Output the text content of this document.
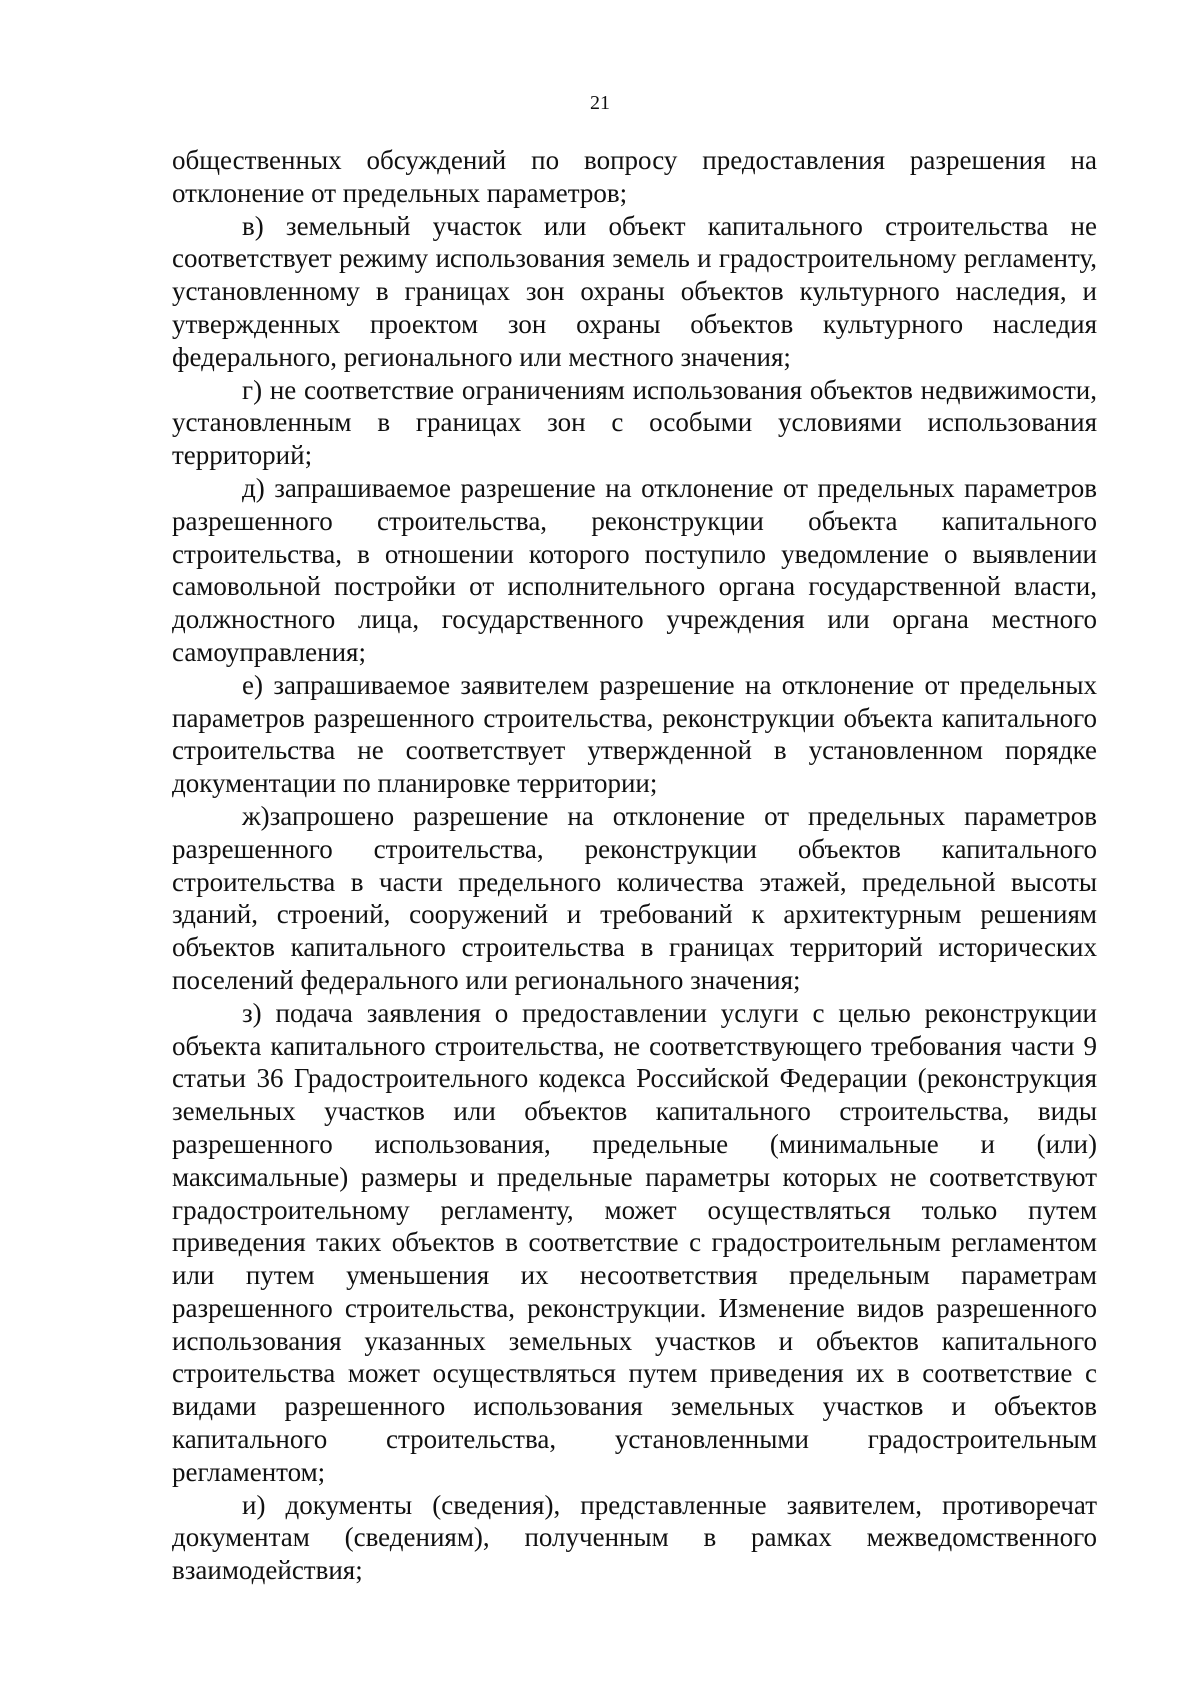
21

общественных обсуждений по вопросу предоставления разрешения на отклонение от предельных параметров;

в) земельный участок или объект капитального строительства не соответствует режиму использования земель и градостроительному регламенту, установленному в границах зон охраны объектов культурного наследия, и утвержденных проектом зон охраны объектов культурного наследия федерального, регионального или местного значения;

г) не соответствие ограничениям использования объектов недвижимости, установленным в границах зон с особыми условиями использования территорий;

д) запрашиваемое разрешение на отклонение от предельных параметров разрешенного строительства, реконструкции объекта капитального строительства, в отношении которого поступило уведомление о выявлении самовольной постройки от исполнительного органа государственной власти, должностного лица, государственного учреждения или органа местного самоуправления;

е) запрашиваемое заявителем разрешение на отклонение от предельных параметров разрешенного строительства, реконструкции объекта капитального строительства не соответствует утвержденной в установленном порядке документации по планировке территории;

ж)запрошено разрешение на отклонение от предельных параметров разрешенного строительства, реконструкции объектов капитального строительства в части предельного количества этажей, предельной высоты зданий, строений, сооружений и требований к архитектурным решениям объектов капитального строительства в границах территорий исторических поселений федерального или регионального значения;

з) подача заявления о предоставлении услуги с целью реконструкции объекта капитального строительства, не соответствующего требования части 9 статьи 36 Градостроительного кодекса Российской Федерации (реконструкция земельных участков или объектов капитального строительства, виды разрешенного использования, предельные (минимальные и (или) максимальные) размеры и предельные параметры которых не соответствуют градостроительному регламенту, может осуществляться только путем приведения таких объектов в соответствие с градостроительным регламентом или путем уменьшения их несоответствия предельным параметрам разрешенного строительства, реконструкции. Изменение видов разрешенного использования указанных земельных участков и объектов капитального строительства может осуществляться путем приведения их в соответствие с видами разрешенного использования земельных участков и объектов капитального строительства, установленными градостроительным регламентом;

и) документы (сведения), представленные заявителем, противоречат документам (сведениям), полученным в рамках межведомственного взаимодействия;
